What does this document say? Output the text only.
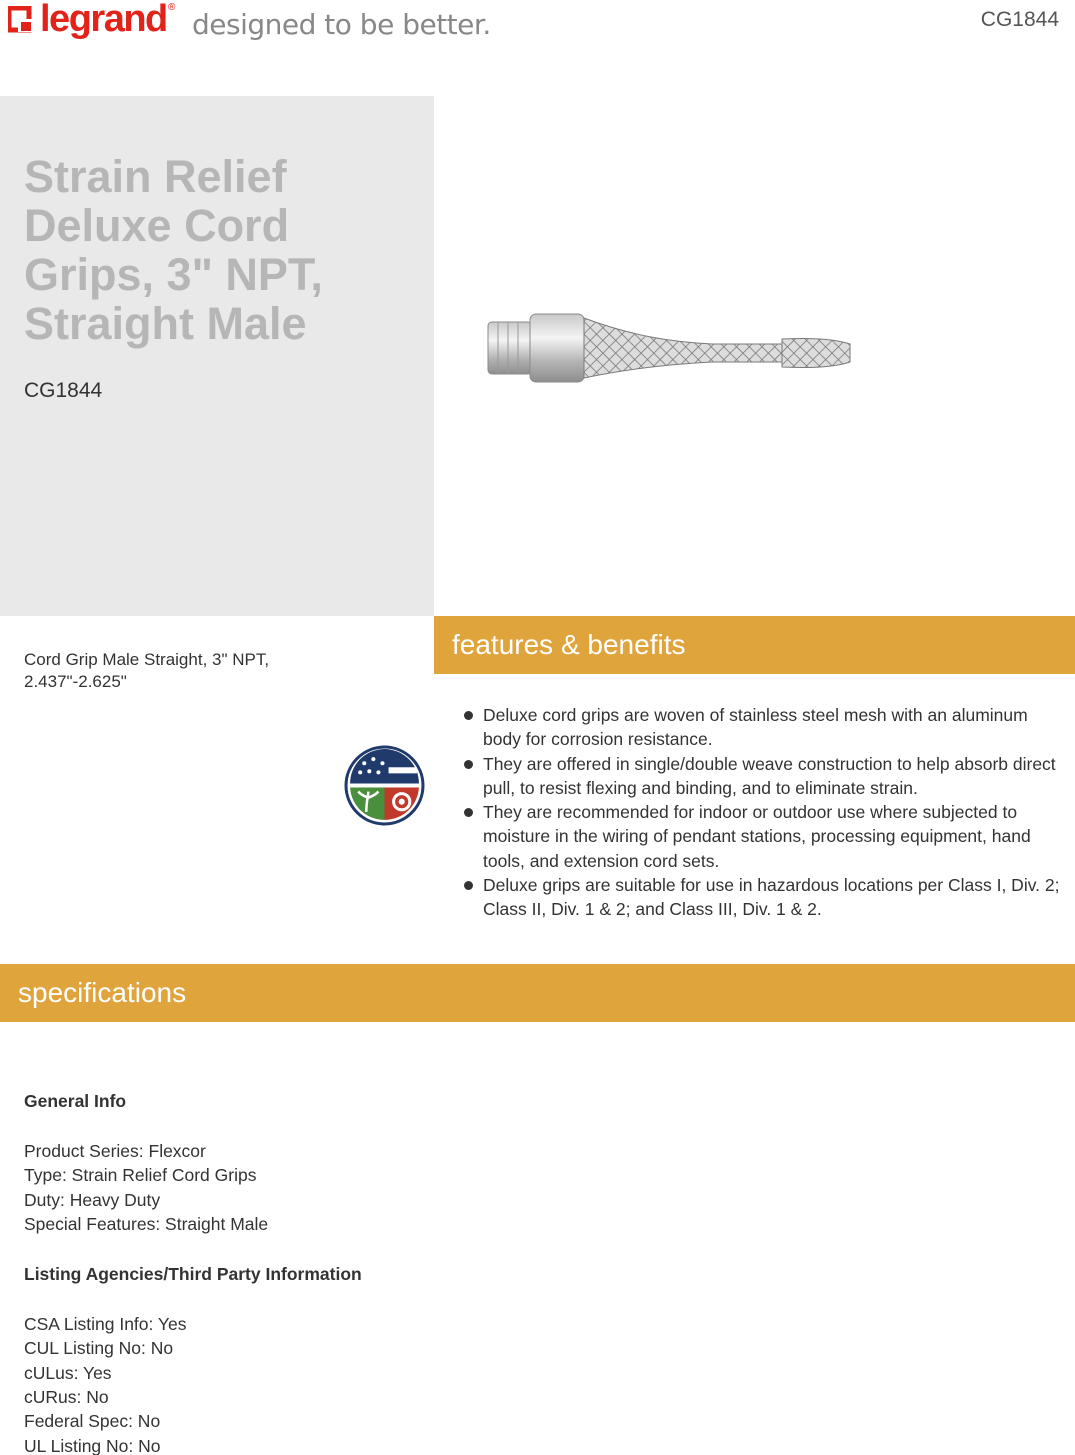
legrand ®
designed to be better.	CG1844
Strain Relief Deluxe Cord Grips, 3" NPT, Straight Male
CG1844
Cord Grip Male Straight, 3" NPT, 2.437"-2.625"
features & benefits
Deluxe cord grips are woven of stainless steel mesh with an aluminum body for corrosion resistance.
They are offered in single/double weave construction to help absorb direct pull, to resist flexing and binding, and to eliminate strain.
They are recommended for indoor or outdoor use where subjected to moisture in the wiring of pendant stations, processing equipment, hand tools, and extension cord sets.
Deluxe grips are suitable for use in hazardous locations per Class I, Div. 2; Class II, Div. 1 & 2; and Class III, Div. 1 & 2.
specifications
General Info
Product Series: Flexcor
Type: Strain Relief Cord Grips
Duty: Heavy Duty
Special Features: Straight Male
Listing Agencies/Third Party Information
CSA Listing Info: Yes
CUL Listing No: No
cULus: Yes
cURus: No
Federal Spec: No
UL Listing No: No
